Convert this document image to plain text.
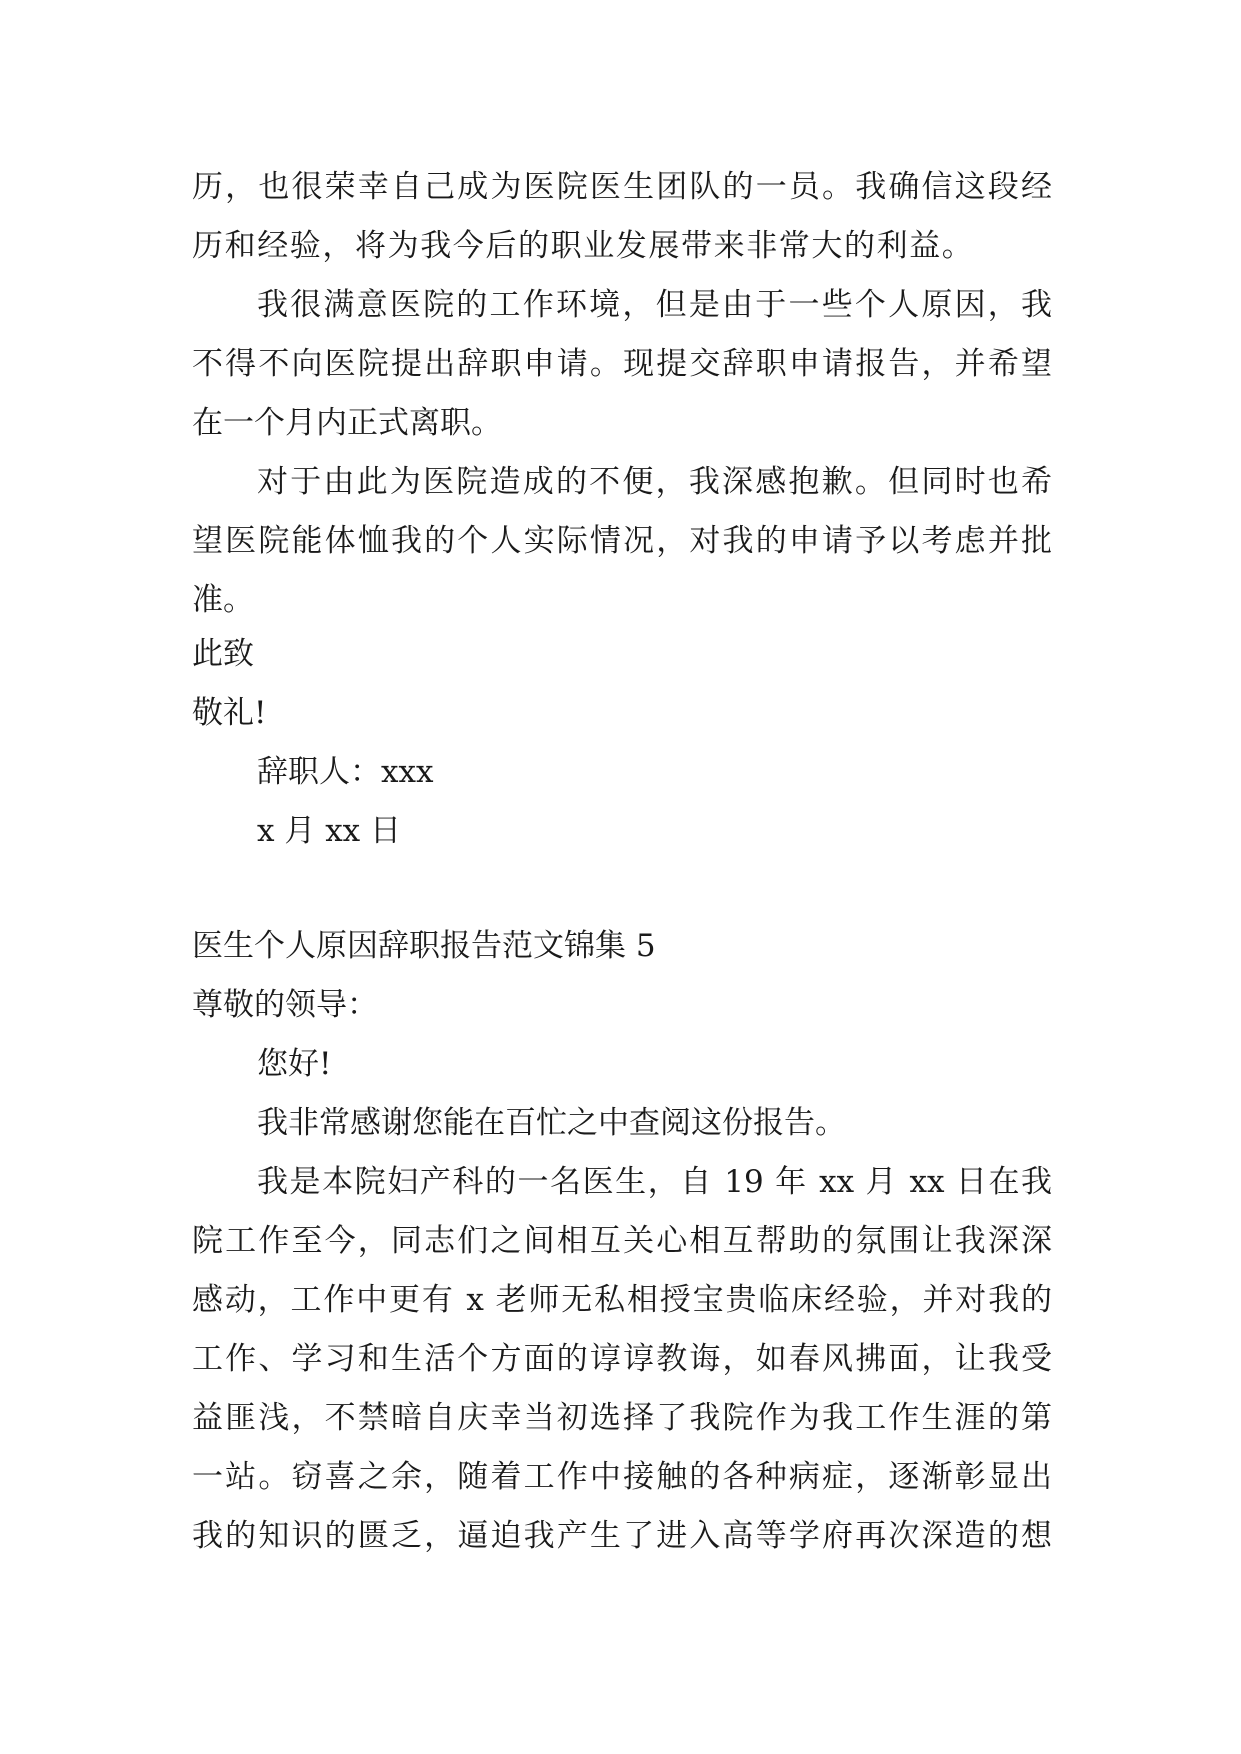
历，也很荣幸自己成为医院医生团队的一员。我确信这段经
历和经验，将为我今后的职业发展带来非常大的利益。
我很满意医院的工作环境，但是由于一些个人原因，我
不得不向医院提出辞职申请。现提交辞职申请报告，并希望
在一个月内正式离职。
对于由此为医院造成的不便，我深感抱歉。但同时也希
望医院能体恤我的个人实际情况，对我的申请予以考虑并批
准。
此致
敬礼!
辞职人：xxx
x 月 xx 日
医生个人原因辞职报告范文锦集 5
尊敬的领导：
您好!
我非常感谢您能在百忙之中查阅这份报告。
我是本院妇产科的一名医生，自 19 年 xx 月 xx 日在我
院工作至今，同志们之间相互关心相互帮助的氛围让我深深
感动，工作中更有 x 老师无私相授宝贵临床经验，并对我的
工作、学习和生活个方面的谆谆教诲，如春风拂面，让我受
益匪浅，不禁暗自庆幸当初选择了我院作为我工作生涯的第
一站。窃喜之余，随着工作中接触的各种病症，逐渐彰显出
我的知识的匮乏，逼迫我产生了进入高等学府再次深造的想
